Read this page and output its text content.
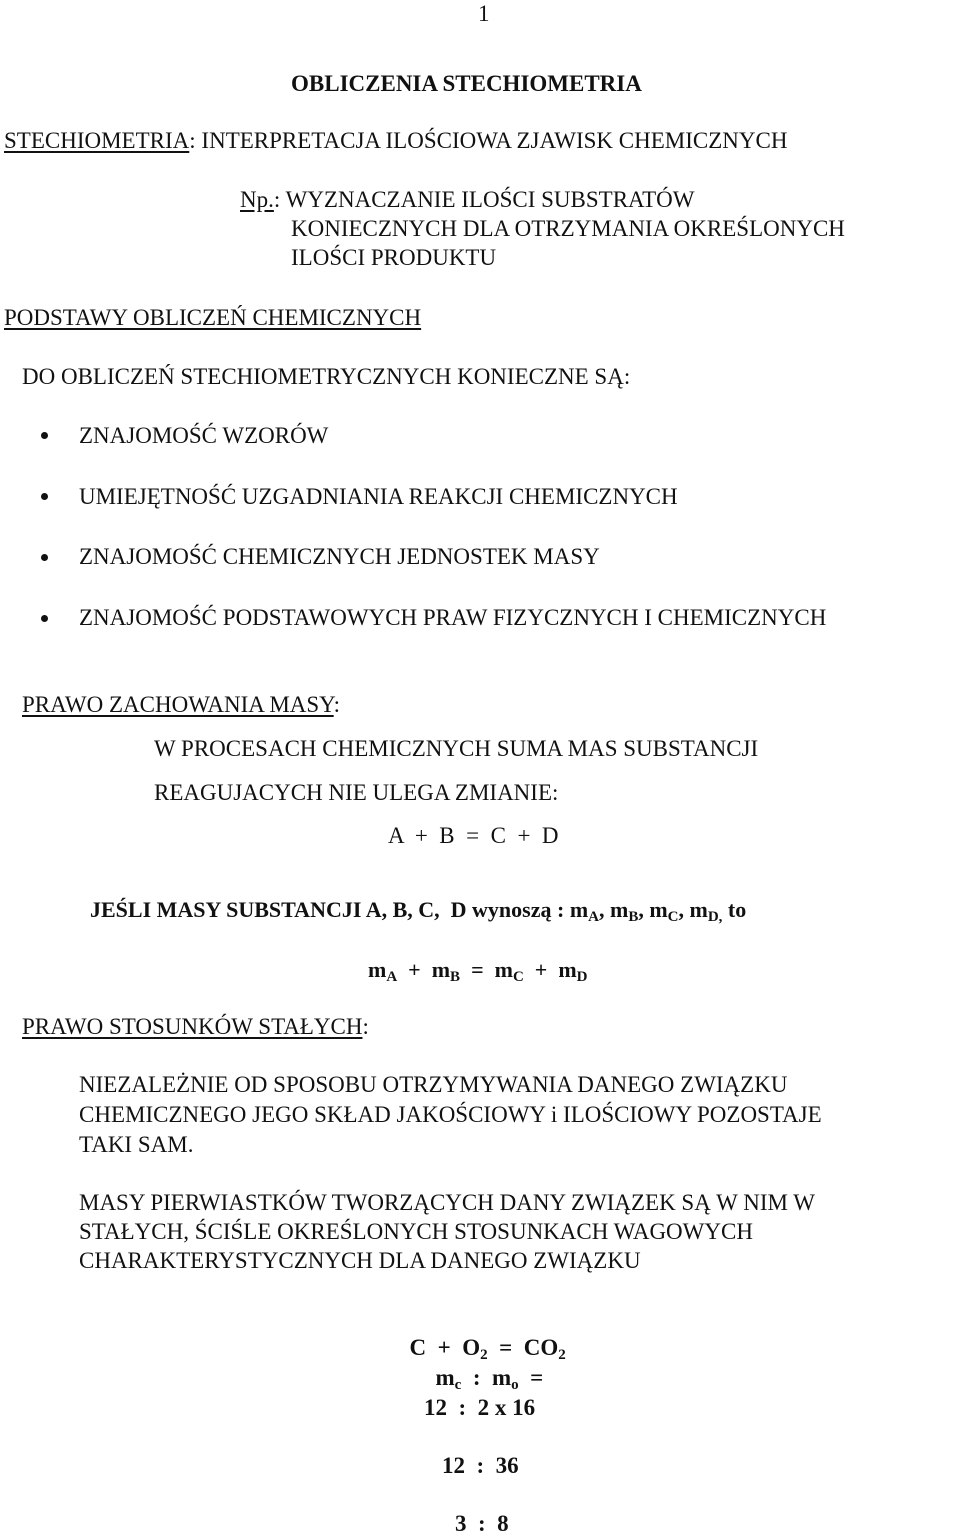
1
OBLICZENIA STECHIOMETRIA
STECHIOMETRIA: INTERPRETACJA ILOŚCIOWA ZJAWISK CHEMICZNYCH
Np.: WYZNACZANIE ILOŚCI SUBSTRATÓW
KONIECZNYCH DLA OTRZYMANIA OKREŚLONYCH
ILOŚCI PRODUKTU
PODSTAWY OBLICZEŃ CHEMICZNYCH
DO OBLICZEŃ STECHIOMETRYCZNYCH KONIECZNE SĄ:
ZNAJOMOŚĆ WZORÓW
UMIEJĘTNOŚĆ UZGADNIANIA REAKCJI CHEMICZNYCH
ZNAJOMOŚĆ CHEMICZNYCH JEDNOSTEK MASY
ZNAJOMOŚĆ PODSTAWOWYCH PRAW FIZYCZNYCH I CHEMICZNYCH
PRAWO ZACHOWANIA MASY:
W PROCESACH CHEMICZNYCH SUMA MAS SUBSTANCJI
REAGUJACYCH NIE ULEGA ZMIANIE:
A  +  B  =  C  +  D

JEŚLI MASY SUBSTANCJI A, B, C,  D wynoszą : $m_A$, $m_B$, $m_C$, $m_{D,}$ to

$m_A + m_B = m_C + m_D$

PRAWO STOSUNKÓW STAŁYCH:
NIEZALEŻNIE OD SPOSOBU OTRZYMYWANIA DANEGO ZWIĄZKU
CHEMICZNEGO JEGO SKŁAD JAKOŚCIOWY i ILOŚCIOWY POZOSTAJE
TAKI SAM.
MASY PIERWIASTKÓW TWORZĄCYCH DANY ZWIĄZEK SĄ W NIM W
STAŁYCH, ŚCIŚLE OKREŚLONYCH STOSUNKACH WAGOWYCH
CHARAKTERYSTYCZNYCH DLA DANEGO ZWIĄZKU

$C + O_2 = CO_2$

$m_c$  :  $m_o$  =

12  :  2 x 16
12  :  36
3  :  8
